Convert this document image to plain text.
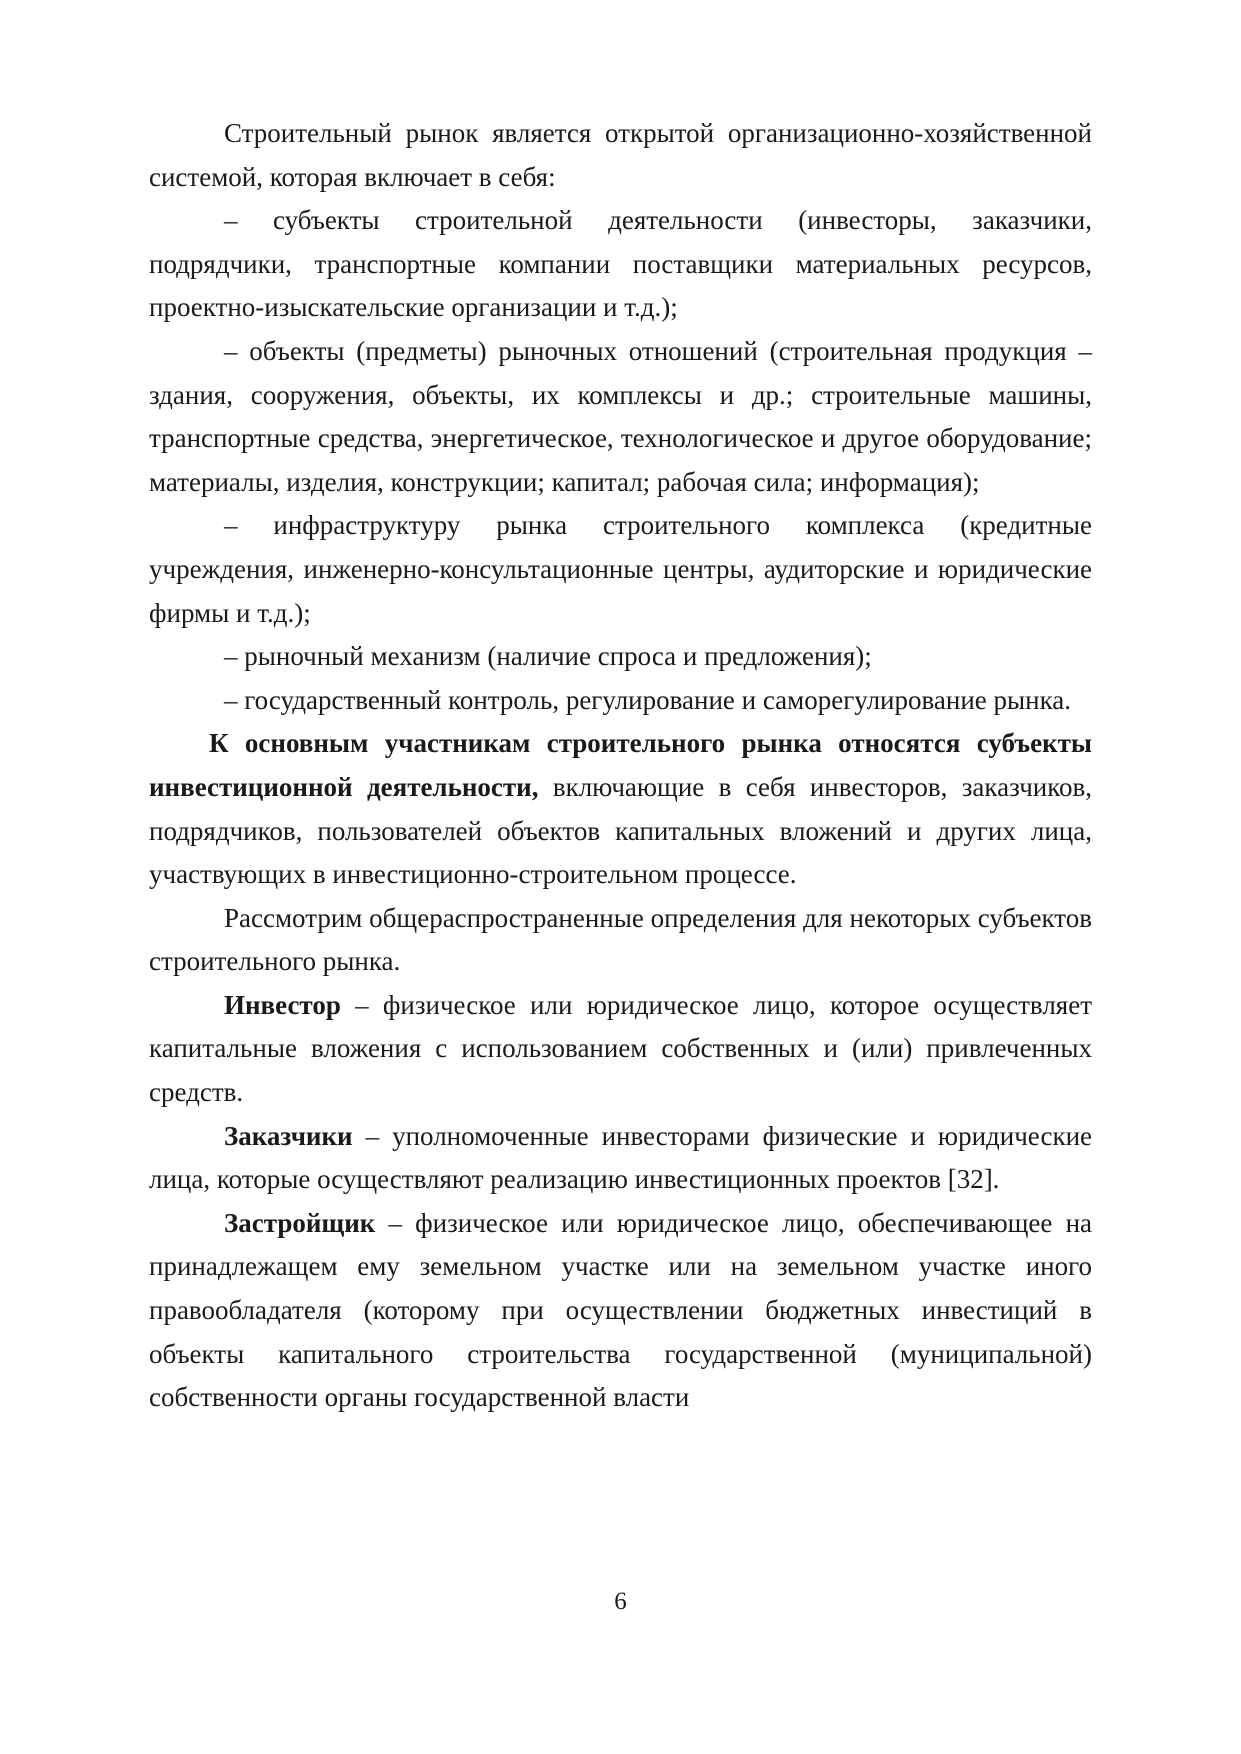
Строительный рынок является открытой организационно-хозяйственной системой, которая включает в себя:

– субъекты строительной деятельности (инвесторы, заказчики, подрядчики, транспортные компании поставщики материальных ресурсов, проектно-изыскательские организации и т.д.);

– объекты (предметы) рыночных отношений (строительная продукция – здания, сооружения, объекты, их комплексы и др.; строительные машины, транспортные средства, энергетическое, технологическое и другое оборудование; материалы, изделия, конструкции; капитал; рабочая сила; информация);

– инфраструктуру рынка строительного комплекса (кредитные учреждения, инженерно-консультационные центры, аудиторские и юридические фирмы и т.д.);

– рыночный механизм (наличие спроса и предложения);

– государственный контроль, регулирование и саморегулирование рынка.

К основным участникам строительного рынка относятся субъекты инвестиционной деятельности, включающие в себя инвесторов, заказчиков, подрядчиков, пользователей объектов капитальных вложений и других лица, участвующих в инвестиционно-строительном процессе.

Рассмотрим общераспространенные определения для некоторых субъектов строительного рынка.

Инвестор – физическое или юридическое лицо, которое осуществляет капитальные вложения с использованием собственных и (или) привлеченных средств.

Заказчики – уполномоченные инвесторами физические и юридические лица, которые осуществляют реализацию инвестиционных проектов [32].

Застройщик – физическое или юридическое лицо, обеспечивающее на принадлежащем ему земельном участке или на земельном участке иного правообладателя (которому при осуществлении бюджетных инвестиций в объекты капитального строительства государственной (муниципальной) собственности органы государственной власти

6
